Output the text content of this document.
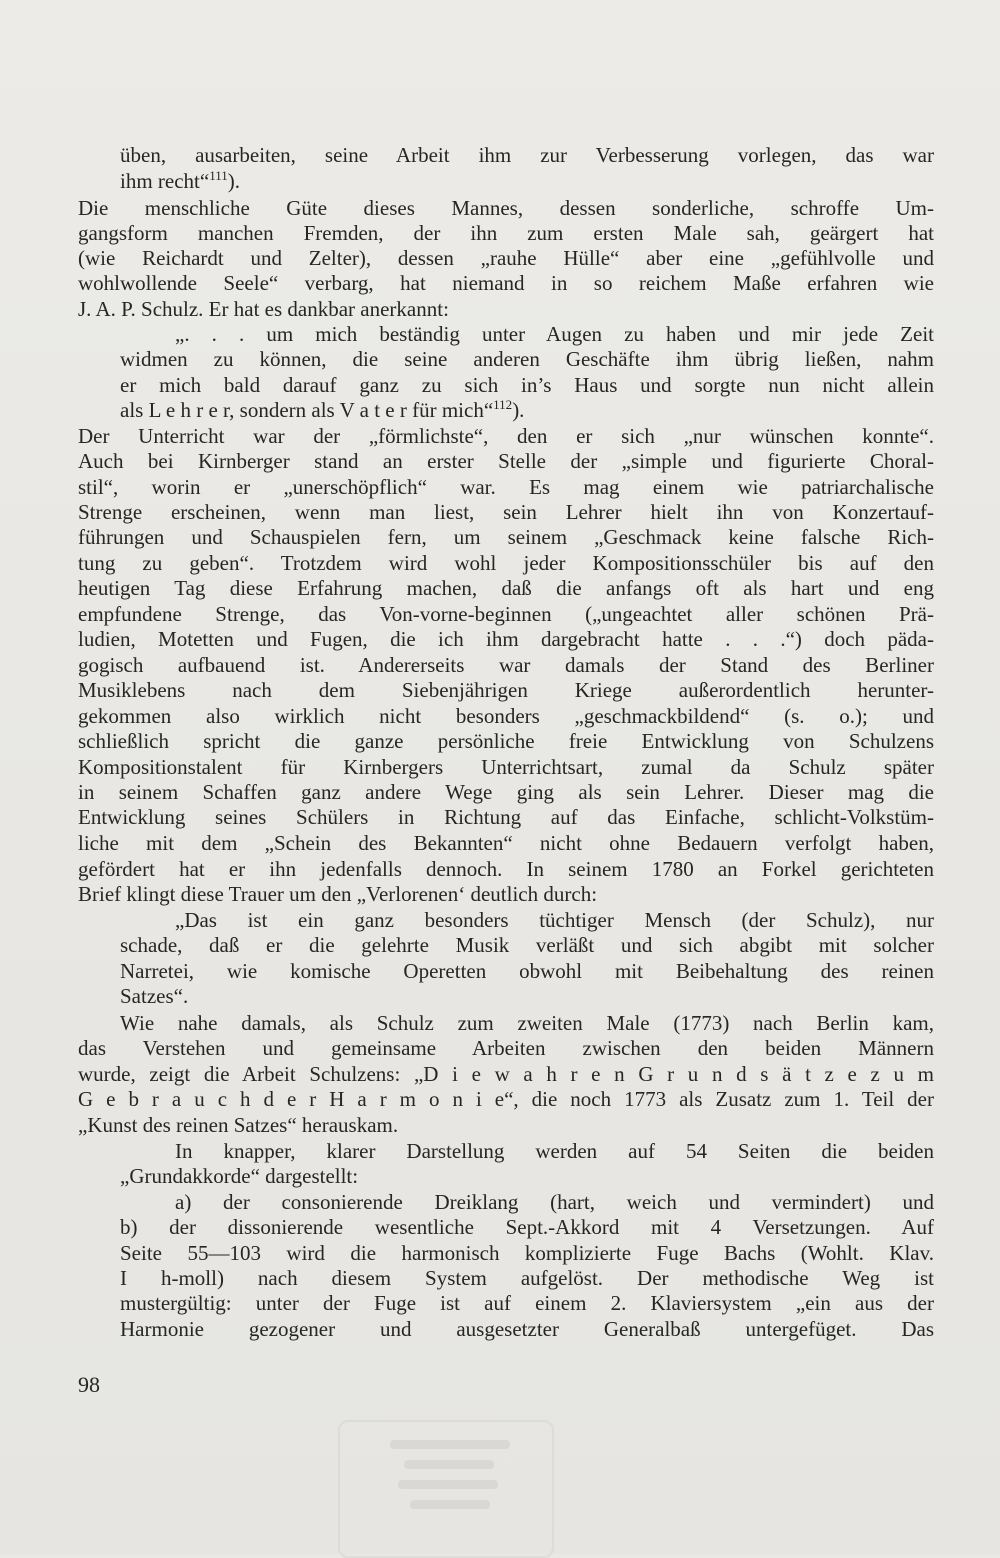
üben, ausarbeiten, seine Arbeit ihm zur Verbesserung vorlegen, das war
ihm recht“$^{111}$).
Die menschliche Güte dieses Mannes, dessen sonderliche, schroffe Um-
gangsform manchen Fremden, der ihn zum ersten Male sah, geärgert hat
(wie Reichardt und Zelter), dessen „rauhe Hülle“ aber eine „gefühlvolle und
wohlwollende Seele“ verbarg, hat niemand in so reichem Maße erfahren wie
J. A. P. Schulz. Er hat es dankbar anerkannt:
„. . . um mich beständig unter Augen zu haben und mir jede Zeit
widmen zu können, die seine anderen Geschäfte ihm übrig ließen, nahm
er mich bald darauf ganz zu sich in’s Haus und sorgte nun nicht allein
als L e h r e r, sondern als V a t e r für mich“$^{112}$).
Der Unterricht war der „förmlichste“, den er sich „nur wünschen konnte“.
Auch bei Kirnberger stand an erster Stelle der „simple und figurierte Choral-
stil“, worin er „unerschöpflich“ war. Es mag einem wie patriarchalische
Strenge erscheinen, wenn man liest, sein Lehrer hielt ihn von Konzertauf-
führungen und Schauspielen fern, um seinem „Geschmack keine falsche Rich-
tung zu geben“. Trotzdem wird wohl jeder Kompositionsschüler bis auf den
heutigen Tag diese Erfahrung machen, daß die anfangs oft als hart und eng
empfundene Strenge, das Von-vorne-beginnen („ungeachtet aller schönen Prä-
ludien, Motetten und Fugen, die ich ihm dargebracht hatte . . .“) doch päda-
gogisch aufbauend ist. Andererseits war damals der Stand des Berliner
Musiklebens nach dem Siebenjährigen Kriege außerordentlich herunter-
gekommen also wirklich nicht besonders „geschmackbildend“ (s. o.); und
schließlich spricht die ganze persönliche freie Entwicklung von Schulzens
Kompositionstalent für Kirnbergers Unterrichtsart, zumal da Schulz später
in seinem Schaffen ganz andere Wege ging als sein Lehrer. Dieser mag die
Entwicklung seines Schülers in Richtung auf das Einfache, schlicht-Volkstüm-
liche mit dem „Schein des Bekannten“ nicht ohne Bedauern verfolgt haben,
gefördert hat er ihn jedenfalls dennoch. In seinem 1780 an Forkel gerichteten
Brief klingt diese Trauer um den „Verlorenen‘ deutlich durch:
„Das ist ein ganz besonders tüchtiger Mensch (der Schulz), nur
schade, daß er die gelehrte Musik verläßt und sich abgibt mit solcher
Narretei, wie komische Operetten obwohl mit Beibehaltung des reinen
Satzes“.
Wie nahe damals, als Schulz zum zweiten Male (1773) nach Berlin kam,
das Verstehen und gemeinsame Arbeiten zwischen den beiden Männern
wurde, zeigt die Arbeit Schulzens: „D i e w a h r e n G r u n d s ä t z e z u m
G e b r a u c h d e r H a r m o n i e“, die noch 1773 als Zusatz zum 1. Teil der
„Kunst des reinen Satzes“ herauskam.
In knapper, klarer Darstellung werden auf 54 Seiten die beiden
„Grundakkorde“ dargestellt:
a) der consonierende Dreiklang (hart, weich und vermindert) und
b) der dissonierende wesentliche Sept.-Akkord mit 4 Versetzungen. Auf
Seite 55—103 wird die harmonisch komplizierte Fuge Bachs (Wohlt. Klav.
I h-moll) nach diesem System aufgelöst. Der methodische Weg ist
mustergültig: unter der Fuge ist auf einem 2. Klaviersystem „ein aus der
Harmonie gezogener und ausgesetzter Generalbaß untergefüget. Das
98
